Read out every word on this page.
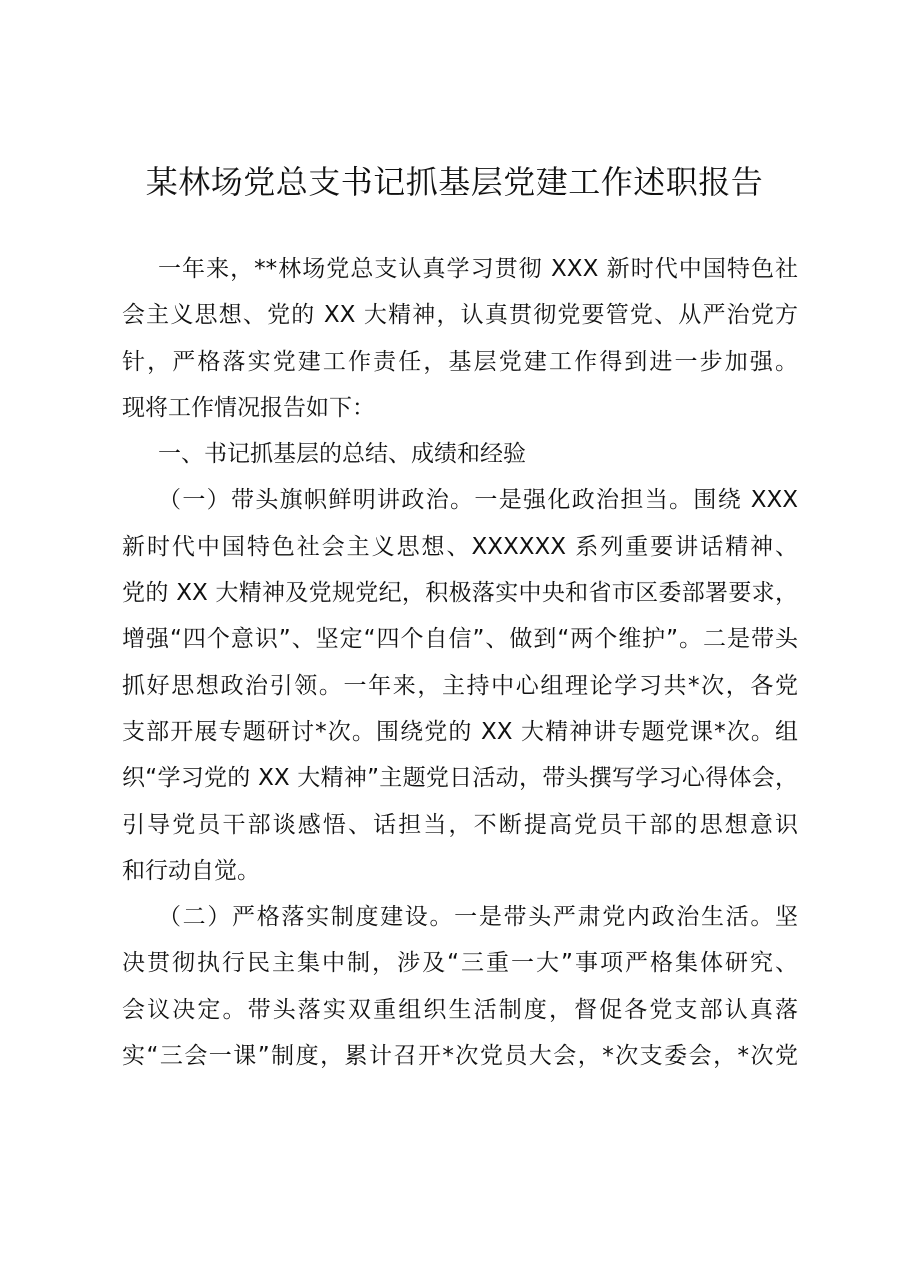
某林场党总支书记抓基层党建工作述职报告
一年来，**林场党总支认真学习贯彻 XXX 新时代中国特色社
会主义思想、党的 XX 大精神，认真贯彻党要管党、从严治党方
针，严格落实党建工作责任，基层党建工作得到进一步加强。
现将工作情况报告如下：
一、书记抓基层的总结、成绩和经验
（一）带头旗帜鲜明讲政治。一是强化政治担当。围绕 XXX
新时代中国特色社会主义思想、XXXXXX 系列重要讲话精神、
党的 XX 大精神及党规党纪，积极落实中央和省市区委部署要求，
增强“四个意识”、坚定“四个自信”、做到“两个维护”。二是带头
抓好思想政治引领。一年来，主持中心组理论学习共*次，各党
支部开展专题研讨*次。围绕党的 XX 大精神讲专题党课*次。组
织“学习党的 XX 大精神”主题党日活动，带头撰写学习心得体会，
引导党员干部谈感悟、话担当，不断提高党员干部的思想意识
和行动自觉。
（二）严格落实制度建设。一是带头严肃党内政治生活。坚
决贯彻执行民主集中制，涉及“三重一大”事项严格集体研究、
会议决定。带头落实双重组织生活制度，督促各党支部认真落
实“三会一课”制度，累计召开*次党员大会，*次支委会，*次党
